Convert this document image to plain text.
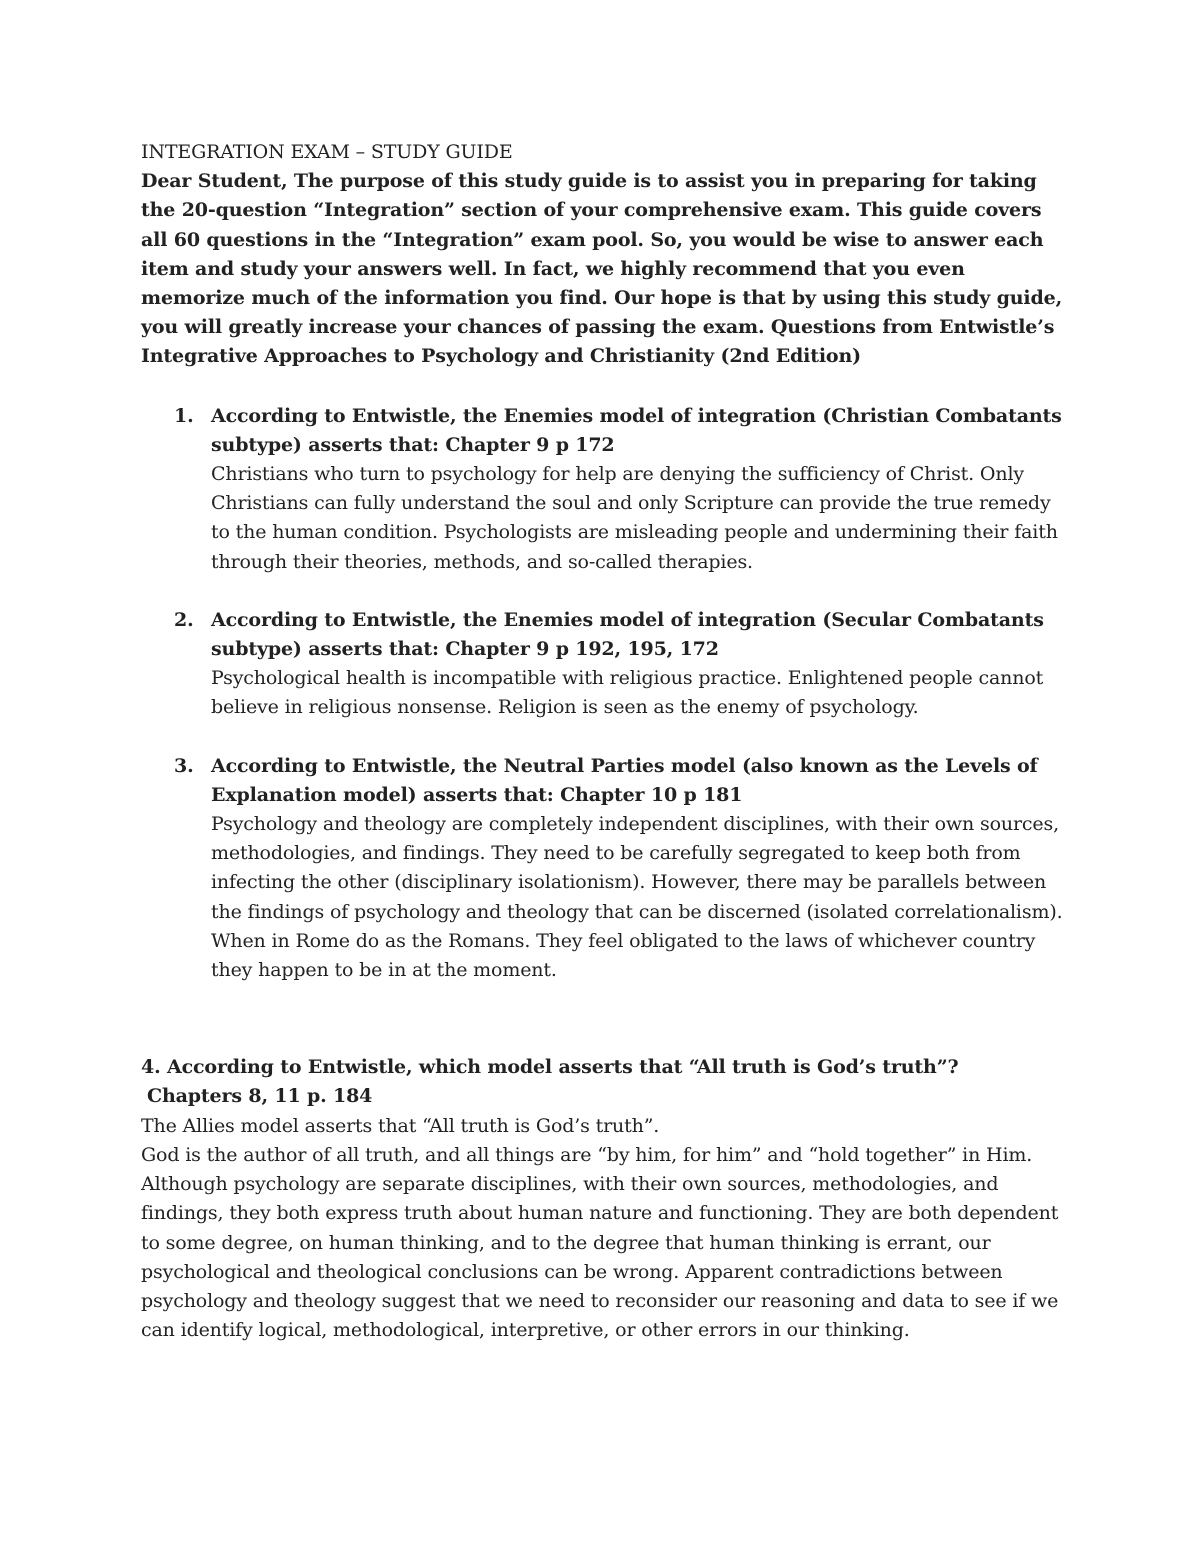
INTEGRATION EXAM – STUDY GUIDE

Dear Student, The purpose of this study guide is to assist you in preparing for taking the 20-question “Integration” section of your comprehensive exam. This guide covers all 60 questions in the “Integration” exam pool. So, you would be wise to answer each item and study your answers well. In fact, we highly recommend that you even memorize much of the information you find. Our hope is that by using this study guide, you will greatly increase your chances of passing the exam. Questions from Entwistle’s Integrative Approaches to Psychology and Christianity (2nd Edition)

1. According to Entwistle, the Enemies model of integration (Christian Combatants subtype) asserts that: Chapter 9 p 172

Christians who turn to psychology for help are denying the sufficiency of Christ. Only Christians can fully understand the soul and only Scripture can provide the true remedy to the human condition. Psychologists are misleading people and undermining their faith through their theories, methods, and so-called therapies.

2. According to Entwistle, the Enemies model of integration (Secular Combatants subtype) asserts that: Chapter 9 p 192, 195, 172

Psychological health is incompatible with religious practice. Enlightened people cannot believe in religious nonsense. Religion is seen as the enemy of psychology.

3. According to Entwistle, the Neutral Parties model (also known as the Levels of Explanation model) asserts that: Chapter 10 p 181

Psychology and theology are completely independent disciplines, with their own sources, methodologies, and findings. They need to be carefully segregated to keep both from infecting the other (disciplinary isolationism). However, there may be parallels between the findings of psychology and theology that can be discerned (isolated correlationalism). When in Rome do as the Romans. They feel obligated to the laws of whichever country they happen to be in at the moment.

4. According to Entwistle, which model asserts that “All truth is God’s truth”?

Chapters 8, 11 p. 184

The Allies model asserts that “All truth is God’s truth”.

God is the author of all truth, and all things are “by him, for him” and “hold together” in Him. Although psychology are separate disciplines, with their own sources, methodologies, and findings, they both express truth about human nature and functioning. They are both dependent to some degree, on human thinking, and to the degree that human thinking is errant, our psychological and theological conclusions can be wrong. Apparent contradictions between psychology and theology suggest that we need to reconsider our reasoning and data to see if we can identify logical, methodological, interpretive, or other errors in our thinking.
